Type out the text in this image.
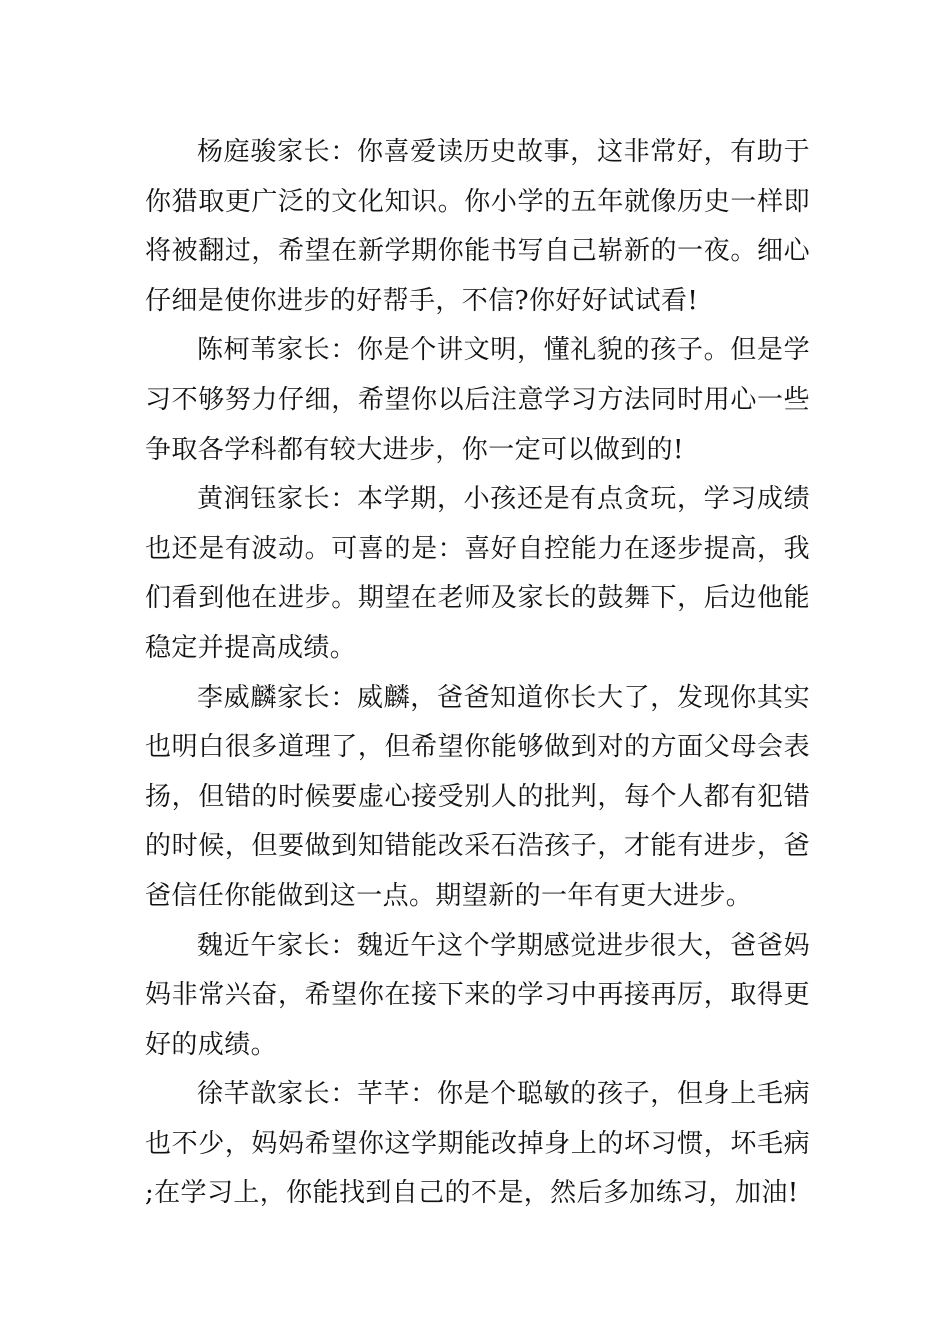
杨庭骏家长：你喜爱读历史故事，这非常好，有助于你猎取更广泛的文化知识。你小学的五年就像历史一样即将被翻过，希望在新学期你能书写自己崭新的一夜。细心仔细是使你进步的好帮手，不信?你好好试试看!

陈柯苇家长：你是个讲文明，懂礼貌的孩子。但是学习不够努力仔细，希望你以后注意学习方法同时用心一些争取各学科都有较大进步，你一定可以做到的!

黄润钰家长：本学期，小孩还是有点贪玩，学习成绩也还是有波动。可喜的是：喜好自控能力在逐步提高，我们看到他在进步。期望在老师及家长的鼓舞下，后边他能稳定并提高成绩。

李威麟家长：威麟，爸爸知道你长大了，发现你其实也明白很多道理了，但希望你能够做到对的方面父母会表扬，但错的时候要虚心接受别人的批判，每个人都有犯错的时候，但要做到知错能改采石浩孩子，才能有进步，爸爸信任你能做到这一点。期望新的一年有更大进步。

魏近午家长：魏近午这个学期感觉进步很大，爸爸妈妈非常兴奋，希望你在接下来的学习中再接再厉，取得更好的成绩。

徐芊歆家长：芊芊：你是个聪敏的孩子，但身上毛病也不少，妈妈希望你这学期能改掉身上的坏习惯，坏毛病;在学习上，你能找到自己的不是，然后多加练习，加油!
